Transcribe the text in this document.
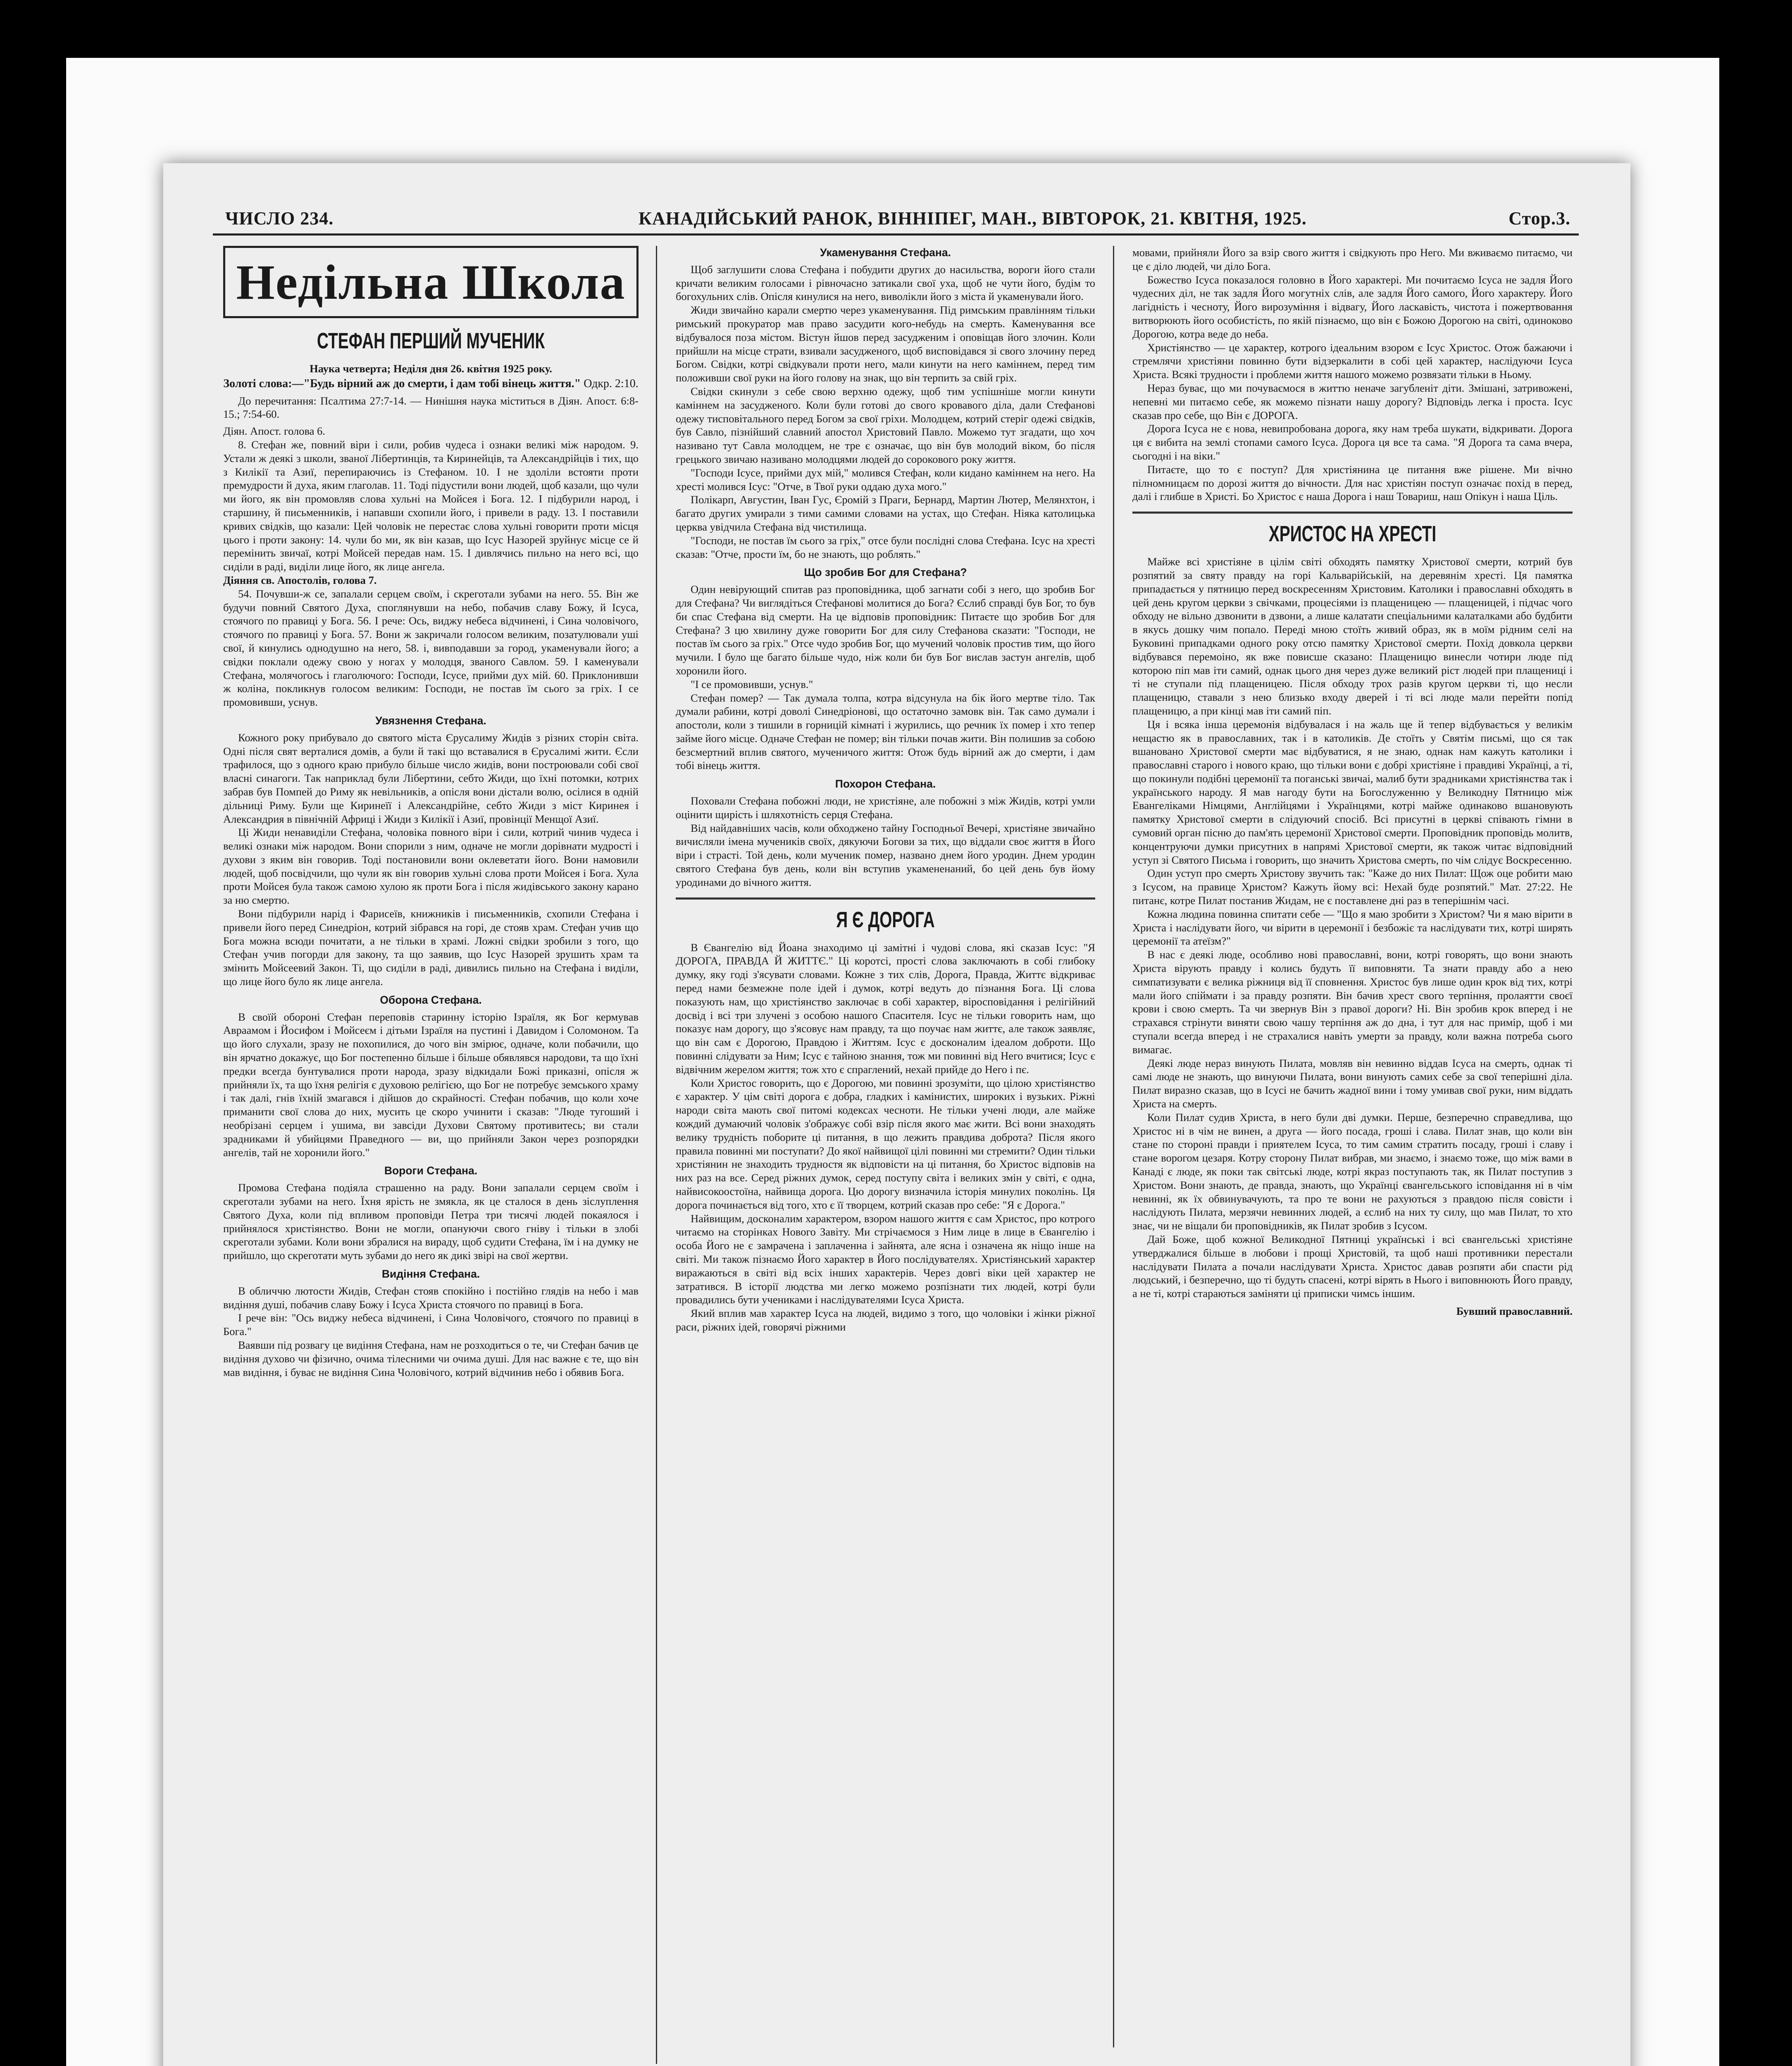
ЧИСЛО 234.	КАНАДІЙСЬКИЙ РАНОК, ВІННІПЕГ, МАН., ВІВТОРОК, 21. КВІТНЯ, 1925.	Стор.3.
Недільна Школа
СТЕФАН ПЕРШИЙ МУЧЕНИК

Наука четверта; Неділя дня 26. квітня 1925 року.

Золоті слова:—"Будь вірний аж до смерти, і дам тобі вінець життя." Одкр. 2:10.

До перечитання: Псалтима 27:7-14. — Нинішня наука міститься в Дiян. Апост. 6:8-15.; 7:54-60.

Діян. Апост. голова 6.

8. Стефан же, повний віри і сили, робив чудеса і ознаки великі між народом. 9. Устали ж деякі з школи, званої Лібертинців, та Киринейців, та Александрійців і тих, що з Килікії та Азиї, перепираючись із Стефаном. 10. І не здоліли встояти проти премудрости й духа, яким глаголав. 11. Тоді підустили вони людей, щоб казали, що чули ми його, як він промовляв слова хульні на Мойсея і Бога. 12. І підбурили народ, і старшину, й письменників, і напавши схопили його, і привели в раду. 13. І поставили кривих свідків, що казали: Цей чоловік не перестає слова хульні говорити проти місця цього і проти закону: 14. чули бо ми, як він казав, що Ісус Назорей зруйнує місце се й перемінить звичаї, котрі Мойсей передав нам. 15. І дивлячись пильно на него всі, що сиділи в раді, виділи лице його, як лице ангела.

Діяння св. Апостолів, голова 7.

54. Почувши-ж се, запалали серцем своїм, і скреготали зубами на него. 55. Він же будучи повний Святого Духа, споглянувши на небо, побачив славу Божу, й Ісуса, стоячого по правиці у Бога. 56. І рече: Ось, виджу небеса відчинені, і Сина чоловічого, стоячого по правиці у Бога. 57. Вони ж закричали голосом великим, позатулювали уші свої, й кинулись однодушно на него, 58. і, вивподавши за город, укаменували його; а свідки поклали одежу свою у ногах у молодця, званого Савлом. 59. І каменували Стефана, молячогось і глаголючого: Господи, Ісусе, прийми дух мій. 60. Приклонивши ж коліна, покликнув голосом великим: Господи, не постав їм сього за гріх. І се промовивши, уснув.

Увязнення Стефана.

Кожного року прибувало до святого міста Єрусалиму Жидів з різних сторін світа. Одні після свят верталися домів, а були й такі що вставалися в Єрусалимі жити. Єсли трафилося, що з одного краю прибуло більше число жидів, вони построювали собі свої власні синагоги. Так наприклад були Лібертини, себто Жиди, що їхні потомки, котрих забрав був Помпей до Риму як невільників, а опісля вони дістали волю, осілися в одній дільниці Риму. Були ще Киринеїї і Александрійне, себто Жиди з міст Киринея і Александрия в північній Африці і Жиди з Килікії і Азиї, провінції Менщої Азиї.

Ці Жиди ненавиділи Стефана, чоловіка повного віри і сили, котрий чинив чудеса і великі ознаки між народом. Вони спорили з ним, одначе не могли дорівнати мудрості і духови з яким він говорив. Тоді постановили вони оклеветати його. Вони намовили людей, щоб посвідчили, що чули як він говорив хульні слова проти Мойсея і Бога. Хула проти Мойсея була також самою хулою як проти Бога і після жидівського закону карано за ню смертю.

Вони підбурили нарід і Фарисеїв, книжників і письменників, схопили Стефана і привели його перед Синедріон, котрий зібрався на горі, де стояв храм. Стефан учив що Бога можна всюди почитати, а не тільки в храмі. Ложні свідки зробили з того, що Стефан учив погорди для закону, та що заявив, що Ісус Назорей зрушить храм та змінить Мойсеевий Закон. Ті, що сиділи в раді, дивились пильно на Стефана і виділи, що лице його було як лице ангела.

Оборона Стефана.

В своїй обороні Стефан переповів старинну історію Ізраїля, як Бог кермував Авраамом і Йосифом і Мойсеєм і дітьми Ізраїля на пустині і Давидом і Соломоном. Та що його слухали, зразу не похопилися, до чого він змірює, одначе, коли побачили, що він ярчатно докажує, що Бог постепенно більше і більше обявлявся народови, та що їхні предки всегда бунтувалися проти народа, зразу відкидали Божі приказні, опісля ж прийняли їх, та що їхня релігія є духовою релігією, що Бог не потребує земського храму і так далі, гнів їхній змагався і дійшов до скрайності. Стефан побачив, що коли хоче приманити свої слова до них, мусить це скоро учинити і сказав: "Люде тугоший і необрізані серцем і ушима, ви завсіди Духови Святому противитесь; ви стали зрадниками й убийцями Праведного — ви, що прийняли Закон через розпорядки ангелів, тай не хоронили його."

Вороги Стефана.

Промова Стефана подіяла страшенно на раду. Вони запалали серцем своїм і скреготали зубами на него. Їхня ярість не змякла, як це сталося в день зіслуплення Святого Духа, коли під впливом проповіди Петра три тисячі людей покаялося і прийнялося христіянство. Вони не могли, опануючи свого гніву і тільки в злобі скреготали зубами. Коли вони збралися на вираду, щоб судити Стефана, їм і на думку не прийшло, що скреготати муть зубами до него як дикі звірі на свої жертви.

Видіння Стефана.

В обличчю лютости Жидів, Стефан стояв спокійно і постійно глядів на небо і мав видіння душі, побачив славу Божу і Ісуса Христа стоячого по правиці в Бога.

І рече він: "Ось виджу небеса відчинені, і Сина Чоловічого, стоячого по правиці в Бога."

Ваявши під розвагу це видіння Стефана, нам не розходиться о те, чи Стефан бачив це видіння духово чи фізично, очима тілесними чи очима душі. Для нас важне є те, що він мав видіння, і буває не видіння Сина Чоловічого, котрий відчинив небо і обявив Бога.

Укаменування Стефана.

Щоб заглушити слова Стефана і побудити других до насильства, вороги його стали кричати великим голосами і рівночасно затикали свої уха, щоб не чути його, будім то богохульних слів. Опісля кинулися на него, виволікли його з міста й укаменували його.

Жиди звичайно карали смертю через укаменування. Під римським правлінням тільки римський прокуратор мав право засудити кого-небудь на смерть. Каменування все відбувалося поза містом. Вістун йшов перед засудженим і оповіщав його злочин. Коли прийшли на місце страти, взивали засудженого, щоб висповідався зі свого злочину перед Богом. Свідки, котрі свідкували проти него, мали кинути на него каміннем, перед тим положивши свої руки на його голову на знак, що він терпить за свій гріх.

Свідки скинули з себе свою верхню одежу, щоб тим успішніше могли кинути каміннем на засудженого. Коли були готові до свого кровавого діла, дали Стефанові одежу тисповітального перед Богом за свої гріхи. Молодцем, котрий стеріг одежі свідків, був Савло, пізнійший славний апостол Христовий Павло. Можемо тут згадати, що хоч називано тут Савла молодцем, не тре є означає, що він був молодий віком, бо після грецького звичаю називано молодцями людей до сорокового року життя.

"Господи Ісусе, прийми дух мій," молився Стефан, коли кидано каміннем на него. На хресті молився Ісус: "Отче, в Твої руки оддаю духа мого."

Полікарп, Августин, Іван Гус, Єромій з Праги, Бернард, Мартин Лютер, Мелянхтон, і багато других умирали з тими самими словами на устах, що Стефан. Ніяка католицька церква увідчила Стефана від чистилища.

"Господи, не постав їм сього за гріх," отсе були послідні слова Стефана. Ісус на хресті сказав: "Отче, прости їм, бо не знають, що роблять."

Що зробив Бог для Стефана?

Один невірующий спитав раз проповідника, щоб загнати собі з него, що зробив Бог для Стефана? Чи виглядіться Стефанові молитися до Бога? Єслиб справді був Бог, то був би спас Стефана від смерти. На це відповів проповідник: Питаєте що зробив Бог для Стефана? З цю хвилину дуже говорити Бог для силу Стефанова сказати: "Господи, не постав їм сього за гріх." Отсе чудо зробив Бог, що мучений чоловік простив тим, що його мучили. І було ще багато більше чудо, ніж коли би був Бог вислав застун ангелів, щоб хоронили його.

"І се промовивши, уснув."

Стефан помер? — Так думала толпа, котра відсунула на бік його мертве тіло. Так думали рабини, котрі доволі Синедріонові, що остаточно замовк він. Так само думали і апостоли, коли з тишили в горницій кімнаті і журились, що речник їх помер і хто тепер займе його місце. Одначе Стефан не помер; він тільки почав жити. Він полишив за собою безсмертний вплив святого, мученичого життя: Отож будь вірний аж до смерти, і дам тобі вінець життя.

Похорон Стефана.

Поховали Стефана побожні люди, не христіяне, але побожні з між Жидів, котрі умли оцінити щирість і шляхотність серця Стефана.

Від найдавніших часів, коли обходжено тайну Господньої Вечері, христіяне звичайно вичисляли імена мучеників своїх, дякуючи Богови за тих, що віддали своє життя в Його віри і страсті. Той день, коли мученик помер, названо днем його уродин. Днем уродин святого Стефана був день, коли він вступив укамененаний, бо цей день був йому уродинами до вічного життя.

Я Є ДОРОГА

В Євангелію від Йоана знаходимо ці замітні і чудові слова, які сказав Ісус: "Я ДОРОГА, ПРАВДА Й ЖИТТЄ." Ці коротсі, прості слова заключають в собі глибоку думку, яку годі з'ясувати словами. Кожне з тих слів, Дорога, Правда, Життє відкриває перед нами безмежне поле ідей і думок, котрі ведуть до пізнання Бога. Ці слова показують нам, що христіянство заключає в собі характер, віросповідання і релігійний досвід і всі три злучені з особою нашого Спасителя. Ісус не тільки говорить нам, що показує нам дорогу, що з'ясовує нам правду, та що поучає нам життє, але також заявляє, що він сам є Дорогою, Правдою і Життям. Ісус є досконалим ідеалом доброти. Що повинні слідувати за Ним; Ісус є тайною знання, тож ми повинні від Него вчитися; Ісус є відвічним жерелом життя; тож хто є спраглений, нехай прийде до Него і пє.

Коли Христос говорить, що є Дорогою, ми повинні зрозуміти, що цілою христіянство є характер. У цім світі дорога є добра, гладких і камінистих, широких і вузьких. Ріжні народи світа мають свої питомі кодексах чесноти. Не тільки учені люди, але майже кождий думаючий чоловік з'ображує собі взір після якого має жити. Всі вони знаходять велику трудність поборите ці питання, в що лежить правдива доброта? Після якого правила повинні ми поступати? До якої найвищої цілі повинні ми стремити? Один тільки христіянин не знаходить трудностя як відповісти на ці питання, бо Христос відповів на них раз на все. Серед ріжних думок, серед поступу світа і великих змін у світі, є одна, найвисокоостоїна, найвища дорога. Цю дорогу визначила історія минулих поколінь. Ця дорога починається від того, хто є її творцем, котрий сказав про себе: "Я є Дорога."

Найвищим, досконалим характером, взором нашого життя є сам Христос, про котрого читаємо на сторінках Нового Завіту. Ми стрічаємося з Ним лице в лице в Євангелію і особа Його не є замрачена і заплаченна і зайнята, але ясна і означена як ніщо інше на світі. Ми також пізнаємо Його характер в Його послідувателях. Христіянський характер виражаються в світі від всіх інших характерів. Через довгі віки цей характер не затратився. В історії людства ми легко можемо розпізнати тих людей, котрі були провадились бути учениками і наслідувателями Ісуса Христа.

Який вплив мав характер Ісуса на людей, видимо з того, що чоловіки і жінки ріжної раси, ріжних ідей, говорячі ріжними

мовами, прийняли Його за взір свого життя і свідкують про Него. Ми вживаємо питаємо, чи це є діло людей, чи діло Бога.

Божество Ісуса показалося головно в Його характері. Ми почитаємо Ісуса не задля Його чудесних діл, не так задля Його могутніх слів, але задля Його самого, Його характеру. Його лагідність і чесноту, Його вирозуміння і відвагу, Його ласкавість, чистота і пожертвовання витворюють його особистість, по якій пізнаємо, що він є Божою Дорогою на світі, одиноково Дорогою, котра веде до неба.

Христіянство — це характер, котрого ідеальним взором є Ісус Христос. Отож бажаючи і стремлячи христіяни повинно бути відзеркалити в собі цей характер, наслідуючи Ісуса Христа. Всякі трудности і проблеми життя нашого можемо розвязати тільки в Ньому.

Нераз буває, що ми почуваємося в життю неначе загубленіт діти. Змішані, затривожені, непевні ми питаємо себе, як можемо пізнати нашу дорогу? Відповідь легка і проста. Ісус сказав про себе, що Він є ДОРОГА.

Дорога Ісуса не є нова, невипробована дорога, яку нам треба шукати, відкривати. Дорога ця є вибита на землі стопами самого Ісуса. Дорога ця все та сама. "Я Дорога та сама вчера, сьогодні і на віки."

Питаєте, що то є поступ? Для христіянина це питання вже рішене. Ми вічно пілномницаєм по дорозі життя до вічности. Для нас христіян поступ означає похід в перед, далі і глибше в Христі. Бо Христос є наша Дорога і наш Товариш, наш Опікун і наша Ціль.

ХРИСТОС НА ХРЕСТІ

Майже всі христіяне в цілім світі обходять памятку Христової смерти, котрий був розпятий за святу правду на горі Кальварійській, на деревянім хресті. Ця памятка припадається у пятницю перед воскресенням Христовим. Католики і православні обходять в цей день кругом церкви з свічками, процесіями із плащеницею — плащеницей, і підчас чого обходу не вільно дзвонити в дзвони, а лише калатати спеціальними калаталками або будбити в якусь дошку чим попало. Переді мною стоїть живий образ, як в моїм рідним селі на Буковині припадками одного року отсю памятку Христової смерти. Похід довкола церкви відбувався перемоіно, як вже повисше сказано: Плащеницю винесли чотири люде під которою піп мав іти самий, однак цього дня через дуже великий ріст людей при плащениці і ті не ступали під плащеницею. Після обходу трох разів кругом церкви ті, що несли плащеницю, ставали з нею близько входу дверей і ті всі люде мали перейти попід плащеницю, а при кінці мав іти самий піп.

Ця і всяка інша церемонія відбувалася і на жаль ще й тепер відбувається у великім нещастю як в православних, так і в католиків. Де стоїть у Святім письмі, що ся так вшановано Христової смерти має відбуватися, я не знаю, однак нам кажуть католики і православні старого і нового краю, що тільки вони є добрі христіяне і правдиві Українці, а ті, що покинули подібні церемонії та поганські звичаі, малиб бути зрадниками христіянства так і українського народу. Я мав нагоду бути на Богослуженню у Великодну Пятницю між Евангеліками Німцями, Англійцями і Українцями, котрі майже одинаково вшановують памятку Христової смерти в слідуючий спосіб. Всі присутні в церкві співають гімни в сумовий орган пісню до пам'ять церемонії Христової смерти. Проповідник проповідь молитв, концентруючи думки присутних в напрямі Христової смерти, як також читає відповідний уступ зі Святого Письма і говорить, що значить Христова смерть, по чім слідує Воскресенню.

Один уступ про смерть Христову звучить так: "Каже до них Пилат: Щож оце робити маю з Ісусом, на правице Христом? Кажуть йому всі: Нехай буде розпятий." Мат. 27:22. Не питанє, котре Пилат постанив Жидам, не є поставлене дні раз в теперішнім часі.

Кожна людина повинна спитати себе — "Що я маю зробити з Христом? Чи я маю вірити в Христа і наслідувати його, чи вірити в церемонії і безбожіє та наслідувати тих, котрі ширять церемонії та атеїзм?"

В нас є деякі люде, особливо нові православні, вони, котрі говорять, що вони знають Христа вірують правду і колись будуть її виповняти. Та знати правду або а нею симпатизувати є велика ріжниця від її сповнення. Христос був лише один крок від тих, котрі мали його спіймати і за правду розпяти. Він бачив хрест свого терпіння, пролаятти своєї крови і свою смерть. Та чи звернув Він з правої дороги? Ні. Він зробив крок вперед і не страхався стрінути виняти свою чашу терпіння аж до дна, і тут для нас примір, щоб і ми ступали всегда вперед і не страхалися навіть умерти за правду, коли важна потреба сього вимагає.

Деякі люде нераз винують Пилата, мовляв він невинно віддав Ісуса на смерть, однак ті самі люде не знають, що винуючи Пилата, вони винують самих себе за свої теперішні діла. Пилат виразно сказав, що в Ісусі не бачить жадної вини і тому умивав свої руки, ним віддать Христа на смерть.

Коли Пилат судив Христа, в него були дві думки. Перше, безперечно справедлива, що Христос ні в чім не винен, а друга — його посада, гроші і слава. Пилат знав, що коли він стане по стороні правди і приятелем Ісуса, то тим самим стратить посаду, гроші і славу і стане ворогом цезаря. Котру сторону Пилат вибрав, ми знаємо, і знаємо тоже, що між вами в Канаді є люде, як поки так світські люде, котрі якраз поступають так, як Пилат поступив з Христом. Вони знають, де правда, знають, що Українці євангельського ісповідання ні в чім невинні, як їх обвинувачують, та про те вони не рахуються з правдою після совісти і наслідують Пилата, мерзячи невинних людей, а єслиб на них ту силу, що мав Пилат, то хто знає, чи не віщали би проповідників, як Пилат зробив з Ісусом.

Дай Боже, щоб кожної Великодної Пятниці українські і всі євангельські христіяне утверджалися більше в любови і прощі Христовій, та щоб наші противники перестали наслідувати Пилата а почали наслідувати Христа. Христос давав розпяти аби спасти рід людський, і безперечно, що ті будуть спасені, котрі вірять в Нього і виповнюють Його правду, а не ті, котрі стараються заміняти ці приписки чимсь іншим.

Бувший православний.
